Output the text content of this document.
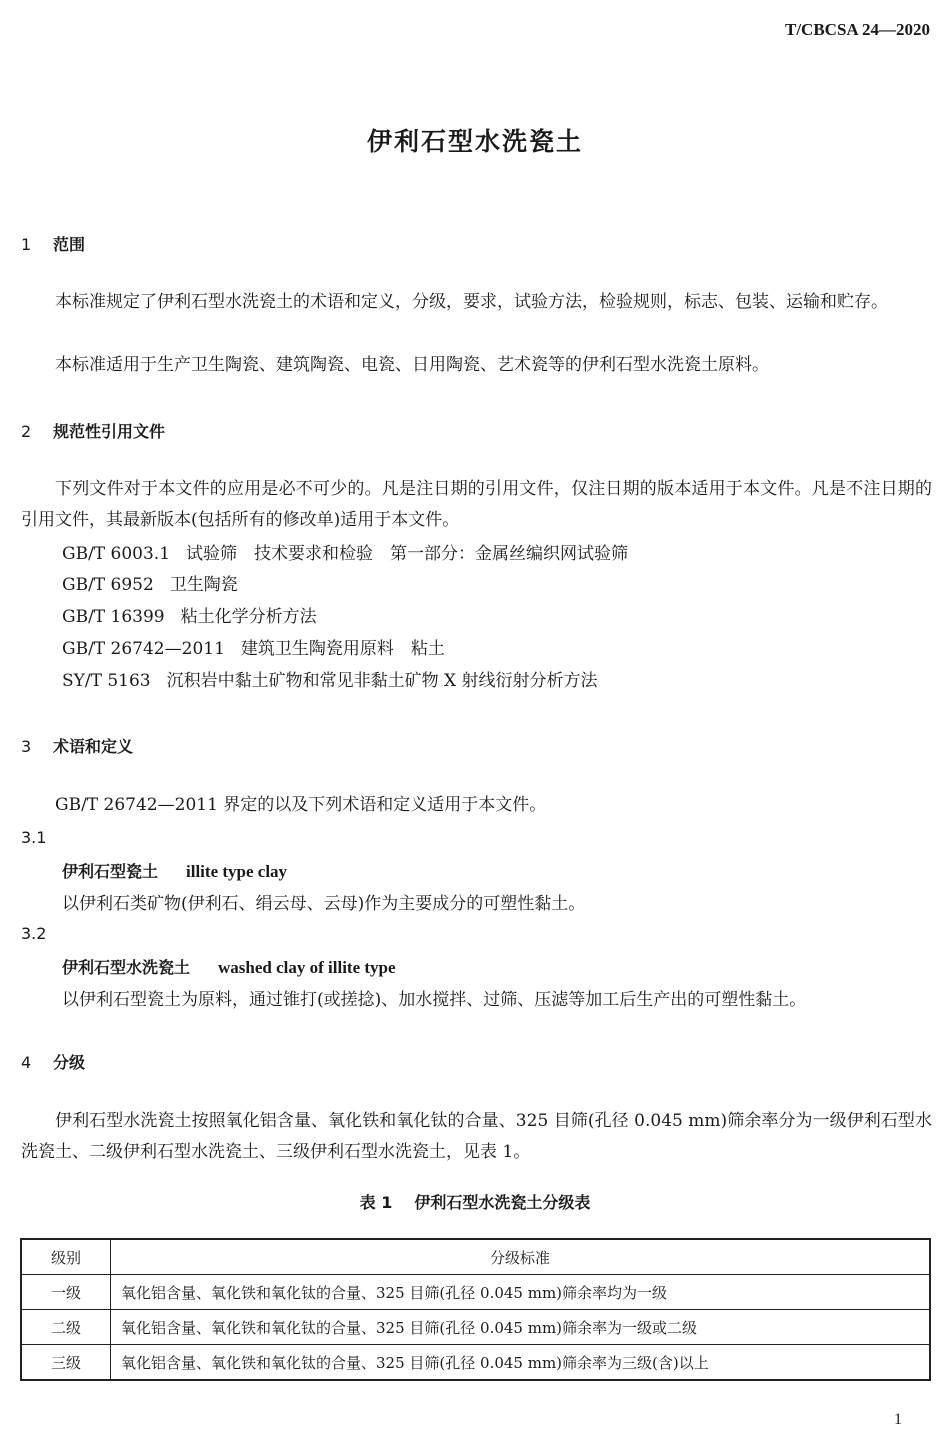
T/CBCSA 24—2020
伊利石型水洗瓷土
1 范围

本标准规定了伊利石型水洗瓷土的术语和定义，分级，要求，试验方法，检验规则，标志、包装、运输和贮存。

本标准适用于生产卫生陶瓷、建筑陶瓷、电瓷、日用陶瓷、艺术瓷等的伊利石型水洗瓷土原料。

2 规范性引用文件

下列文件对于本文件的应用是必不可少的。凡是注日期的引用文件，仅注日期的版本适用于本文件。凡是不注日期的引用文件，其最新版本(包括所有的修改单)适用于本文件。

GB/T 6003.1 试验筛　技术要求和检验　第一部分：金属丝编织网试验筛
GB/T 6952 卫生陶瓷
GB/T 16399 粘土化学分析方法
GB/T 26742—2011 建筑卫生陶瓷用原料　粘土
SY/T 5163 沉积岩中黏土矿物和常见非黏土矿物 X 射线衍射分析方法
3 术语和定义

GB/T 26742—2011 界定的以及下列术语和定义适用于本文件。

3.1
伊利石型瓷土 illite type clay
以伊利石类矿物(伊利石、绢云母、云母)作为主要成分的可塑性黏土。
3.2
伊利石型水洗瓷土 washed clay of illite type
以伊利石型瓷土为原料，通过锥打(或搓捻)、加水搅拌、过筛、压滤等加工后生产出的可塑性黏土。
4 分级

伊利石型水洗瓷土按照氧化铝含量、氧化铁和氧化钛的合量、325 目筛(孔径 0.045 mm)筛余率分为一级伊利石型水洗瓷土、二级伊利石型水洗瓷土、三级伊利石型水洗瓷土，见表 1。

表 1 伊利石型水洗瓷土分级表
级别	分级标准
一级	氧化铝含量、氧化铁和氧化钛的合量、325 目筛(孔径 0.045 mm)筛余率均为一级
二级	氧化铝含量、氧化铁和氧化钛的合量、325 目筛(孔径 0.045 mm)筛余率为一级或二级
三级	氧化铝含量、氧化铁和氧化钛的合量、325 目筛(孔径 0.045 mm)筛余率为三级(含)以上
1
